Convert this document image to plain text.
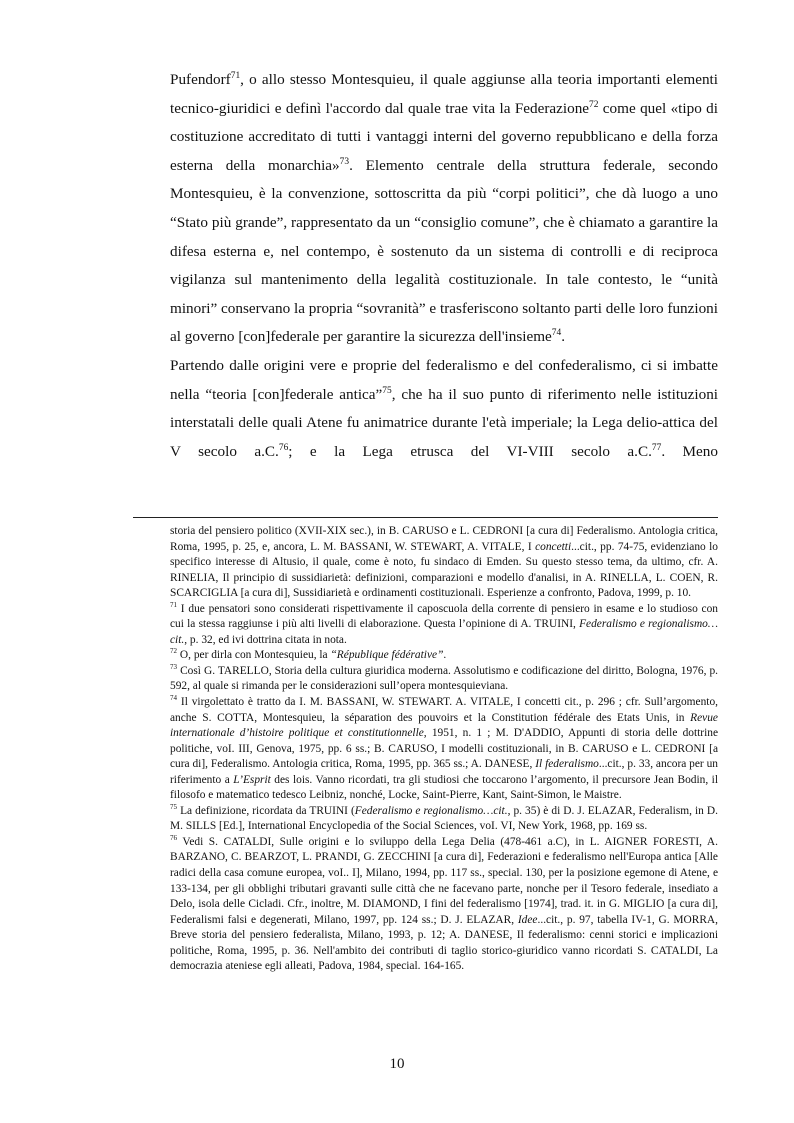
Pufendorf$^{71}$, o allo stesso Montesquieu, il quale aggiunse alla teoria importanti elementi tecnico-giuridici e definì l'accordo dal quale trae vita la Federazione$^{72}$ come quel «tipo di costituzione accreditato di tutti i vantaggi interni del governo repubblicano e della forza esterna della monarchia»$^{73}$. Elemento centrale della struttura federale, secondo Montesquieu, è la convenzione, sottoscritta da più “corpi politici”, che dà luogo a uno “Stato più grande”, rappresentato da un “consiglio comune”, che è chiamato a garantire la difesa esterna e, nel contempo, è sostenuto da un sistema di controlli e di reciproca vigilanza sul mantenimento della legalità costituzionale. In tale contesto, le “unità minori” conservano la propria “sovranità” e trasferiscono soltanto parti delle loro funzioni al governo [con]federale per garantire la sicurezza dell'insieme$^{74}$.

Partendo dalle origini vere e proprie del federalismo e del confederalismo, ci si imbatte nella “teoria [con]federale antica”$^{75}$, che ha il suo punto di riferimento nelle istituzioni interstatali delle quali Atene fu animatrice durante l'età imperiale; la Lega delio-attica del V secolo a.C.$^{76}$; e la Lega etrusca del VI-VIII secolo a.C.$^{77}$. Meno

storia del pensiero politico (XVII-XIX sec.), in B. CARUSO e L. CEDRONI [a cura di] Federalismo. Antologia critica, Roma, 1995, p. 25, e, ancora, L. M. BASSANI, W. STEWART, A. VITALE, I concetti...cit., pp. 74-75, evidenziano lo specifico interesse di Altusio, il quale, come è noto, fu sindaco di Emden. Su questo stesso tema, da ultimo, cfr. A. RINELIA, Il principio di sussidiarietà: definizioni, comparazioni e modello d'analisi, in A. RINELLA, L. COEN, R. SCARCIGLIA [a cura di], Sussidiarietà e ordinamenti costituzionali. Esperienze a confronto, Padova, 1999, p. 10.

$^{71}$ I due pensatori sono considerati rispettivamente il caposcuola della corrente di pensiero in esame e lo studioso con cui la stessa raggiunse i più alti livelli di elaborazione. Questa l’opinione di A. TRUINI, Federalismo e regionalismo…cit., p. 32, ed ivi dottrina citata in nota.

$^{72}$ O, per dirla con Montesquieu, la “République fédérative”.

$^{73}$ Così G. TARELLO, Storia della cultura giuridica moderna. Assolutismo e codificazione del diritto, Bologna, 1976, p. 592, al quale si rimanda per le considerazioni sull’opera montesquieviana.

$^{74}$ Il virgolettato è tratto da I. M. BASSANI, W. STEWART. A. VITALE, I concetti cit., p. 296 ; cfr. Sull’argomento, anche S. COTTA, Montesquieu, la séparation des pouvoirs et la Constitution fédérale des Etats Unis, in Revue internationale d’histoire politique et constitutionnelle, 1951, n. 1 ; M. D'ADDIO, Appunti di storia delle dottrine politiche, voI. III, Genova, 1975, pp. 6 ss.; B. CARUSO, I modelli costituzionali, in B. CARUSO e L. CEDRONI [a cura di], Federalismo. Antologia critica, Roma, 1995, pp. 365 ss.; A. DANESE, Il federalismo...cit., p. 33, ancora per un riferimento a L’Esprit des lois. Vanno ricordati, tra gli studiosi che toccarono l’argomento, il precursore Jean Bodin, il filosofo e matematico tedesco Leibniz, nonché, Locke, Saint-Pierre, Kant, Saint-Simon, le Maistre.

$^{75}$ La definizione, ricordata da TRUINI (Federalismo e regionalismo…cit., p. 35) è di D. J. ELAZAR, Federalism, in D. M. SILLS [Ed.], International Encyclopedia of the Social Sciences, voI. VI, New York, 1968, pp. 169 ss.

$^{76}$ Vedi S. CATALDI, Sulle origini e lo sviluppo della Lega Delia (478-461 a.C), in L. AIGNER FORESTI, A. BARZANO, C. BEARZOT, L. PRANDI, G. ZECCHINI [a cura di], Federazioni e federalismo nell'Europa antica [Alle radici della casa comune europea, voI.. I], Milano, 1994, pp. 117 ss., special. 130, per la posizione egemone di Atene, e 133-134, per gli obblighi tributari gravanti sulle città che ne facevano parte, nonche per il Tesoro federale, insediato a Delo, isola delle Cicladi. Cfr., inoltre, M. DIAMOND, I fini del federalismo [1974], trad. it. in G. MIGLIO [a cura di], Federalismi falsi e degenerati, Milano, 1997, pp. 124 ss.; D. J. ELAZAR, Idee...cit., p. 97, tabella IV-1, G. MORRA, Breve storia del pensiero federalista, Milano, 1993, p. 12; A. DANESE, Il federalismo: cenni storici e implicazioni politiche, Roma, 1995, p. 36. Nell'ambito dei contributi di taglio storico-giuridico vanno ricordati S. CATALDI, La democrazia ateniese egli alleati, Padova, 1984, special. 164-165.

10
